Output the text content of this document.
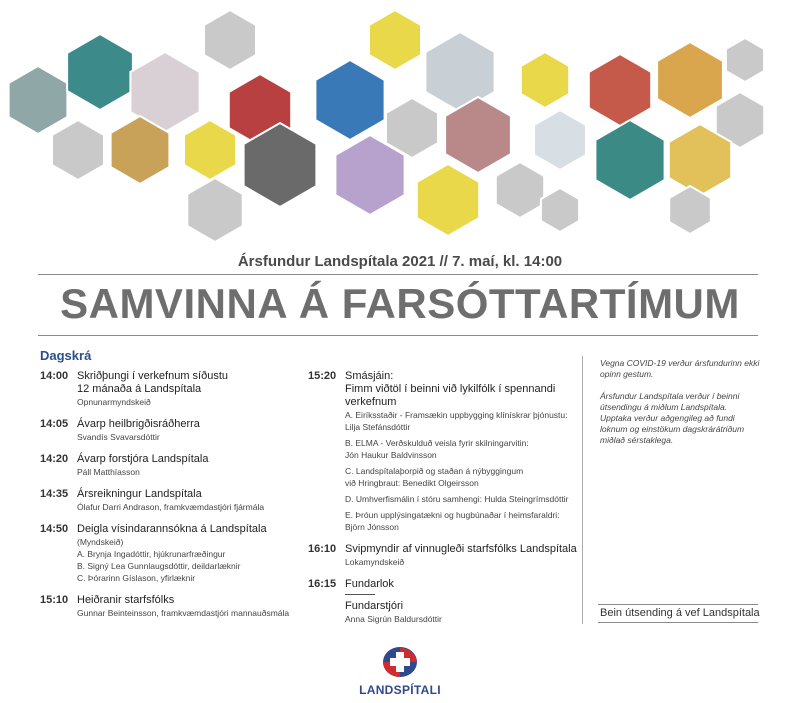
Ársfundur Landspítala 2021 // 7. maí, kl. 14:00
SAMVINNA Á FARSÓTTARTÍMUM
Dagskrá
14:00 Skriðþungi í verkefnum síðustu
12 mánaða á Landspítala
Opnunarmyndskeið
14:05 Ávarp heilbrigðisráðherra
Svandís Svavarsdóttir
14:20 Ávarp forstjóra Landspítala
Páll Matthíasson
14:35 Ársreikningur Landspítala
Ólafur Darri Andrason, framkvæmdastjóri fjármála
14:50 Deigla vísindarannsókna á Landspítala
(Myndskeið)
A. Brynja Ingadóttir, hjúkrunarfræðingur
B. Signý Lea Gunnlaugsdóttir, deildarlæknir
C. Þórarinn Gíslason, yfirlæknir
15:10 Heiðranir starfsfólks
Gunnar Beinteinsson, framkvæmdastjóri mannauðsmála
15:20 Smásjáin:
Fimm viðtöl í beinni við lykilfólk í spennandi verkefnum
A. Eiríksstaðir - Framsækin uppbygging klínískrar þjónustu:
Lilja Stefánsdóttir
B. ELMA - Verðskulduð veisla fyrir skilningarvitin:
Jón Haukur Baldvinsson
C. Landspítalaþorpið og staðan á nýbyggingum
við Hringbraut: Benedikt Olgeirsson
D. Umhverfismálin í stóru samhengi: Hulda Steingrímsdóttir
E. Þróun upplýsingatækni og hugbúnaðar í heimsfaraldri:
Björn Jónsson
16:10 Svipmyndir af vinnugleði starfsfólks Landspítala
Lokamyndskeið
16:15 Fundarlok
Fundarstjóri
Anna Sigrún Baldursdóttir
Vegna COVID-19 verður ársfundurinn ekki opinn gestum.
Ársfundur Landspítala verður í beinni útsendingu á miðlum Landspítala. Upptaka verður aðgengileg að fundi loknum og einstökum dagskrárátriðum miðlað sérstaklega.
Bein útsending á vef Landspítala
LANDSPÍTALI
